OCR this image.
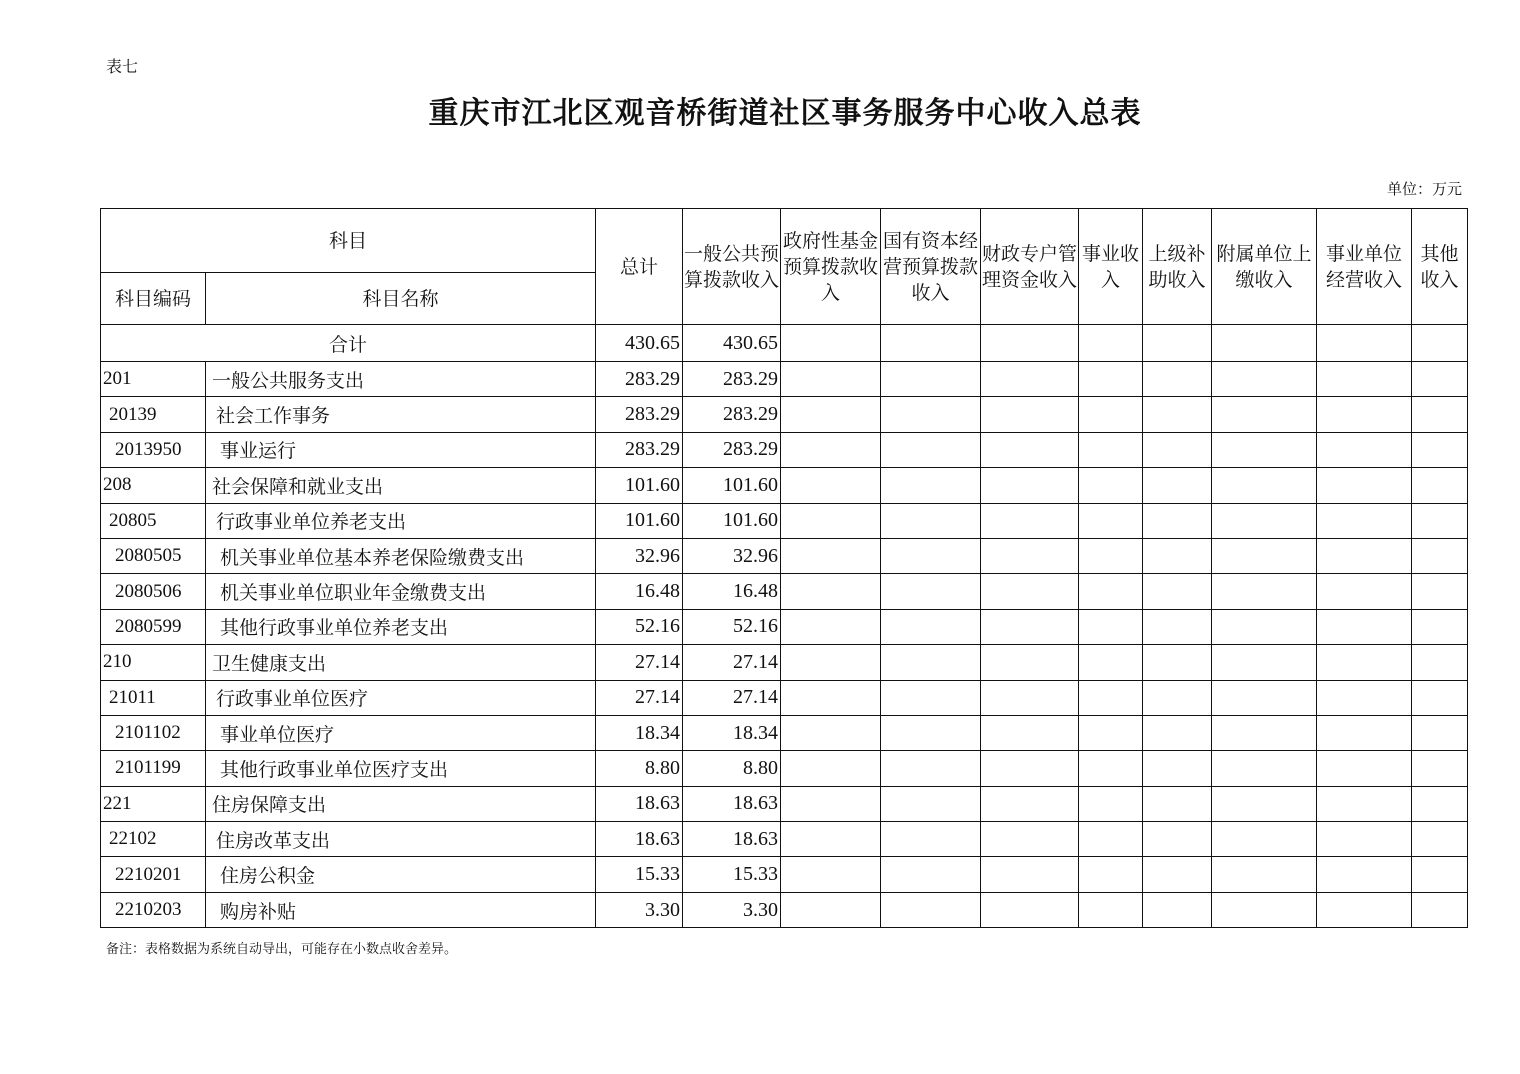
表七
重庆市江北区观音桥街道社区事务服务中心收入总表
单位：万元
科目		总计	一般公共预算拨款收入	政府性基金预算拨款收入	国有资本经营预算拨款收入	财政专户管理资金收入	事业收入	上级补助收入	附属单位上缴收入	事业单位经营收入	其他收入
科目编码	科目名称										
合计		430.65	430.65								
201	一般公共服务支出	283.29	283.29								
20139	社会工作事务	283.29	283.29								
2013950	事业运行	283.29	283.29								
208	社会保障和就业支出	101.60	101.60								
20805	行政事业单位养老支出	101.60	101.60								
2080505	机关事业单位基本养老保险缴费支出	32.96	32.96								
2080506	机关事业单位职业年金缴费支出	16.48	16.48								
2080599	其他行政事业单位养老支出	52.16	52.16								
210	卫生健康支出	27.14	27.14								
21011	行政事业单位医疗	27.14	27.14								
2101102	事业单位医疗	18.34	18.34								
2101199	其他行政事业单位医疗支出	8.80	8.80								
221	住房保障支出	18.63	18.63								
22102	住房改革支出	18.63	18.63								
2210201	住房公积金	15.33	15.33								
2210203	购房补贴	3.30	3.30								
备注：表格数据为系统自动导出，可能存在小数点收舍差异。
